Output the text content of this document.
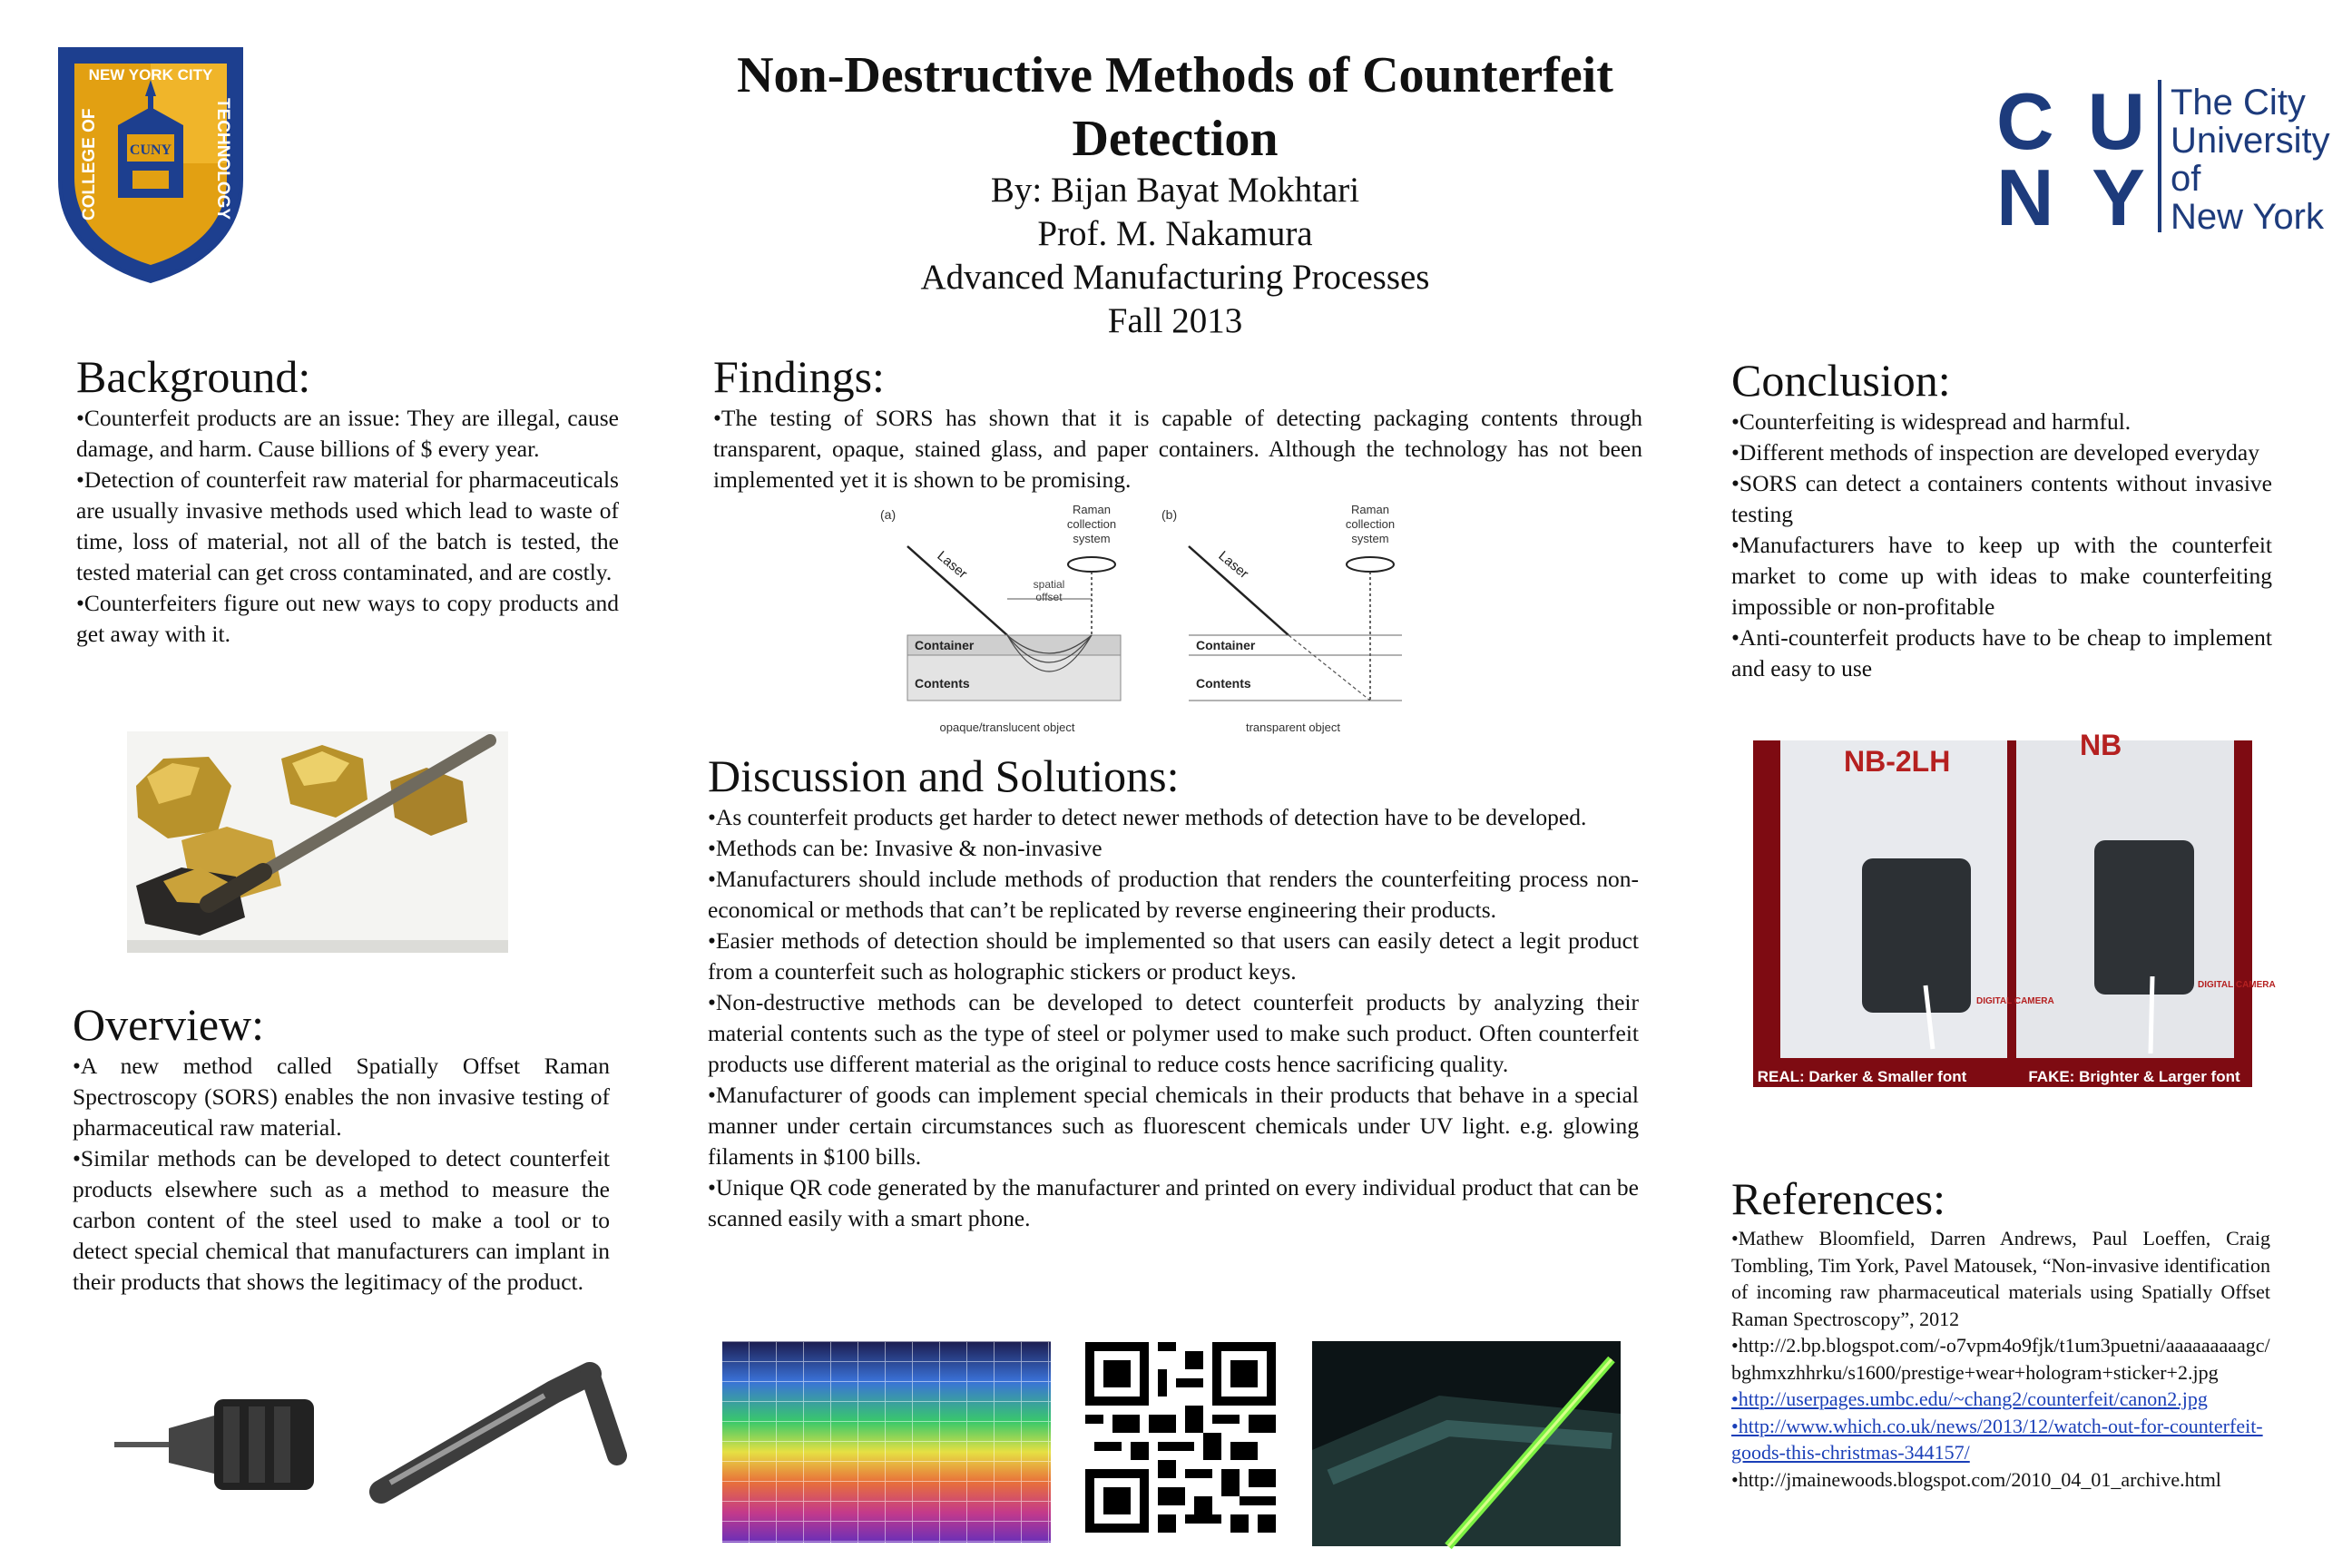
NEW YORK CITY
CUNY
COLLEGE OF	TECHNOLOGY	CU
NY
The City
University
of
New York
Non-Destructive Methods of Counterfeit Detection
By: Bijan Bayat Mokhtari
Prof. M. Nakamura
Advanced Manufacturing Processes
Fall 2013
Background:

•Counterfeit products are an issue: They are illegal, cause damage, and harm. Cause billions of $ every year.

•Detection of counterfeit raw material for pharmaceuticals are usually invasive methods used which lead to waste of time, loss of material, not all of the batch is tested, the tested material can get cross contaminated, and are costly.

•Counterfeiters figure out new ways to copy products and get away with it.

Overview:

•A new method called Spatially Offset Raman Spectroscopy (SORS) enables the non invasive testing of pharmaceutical raw material.

•Similar methods can be developed to detect counterfeit products elsewhere such as a method to measure the carbon content of the steel used to make a tool or to detect special chemical that manufacturers can implant in their products that shows the legitimacy of the product.

Findings:

•The testing of SORS has shown that it is capable of detecting packaging contents through transparent, opaque, stained glass, and paper containers. Although the technology has not been implemented yet it is shown to be promising.

(a)	Raman
collection
system
Laser
spatial
offset
Container
Contents
opaque/translucent object
(b)	Raman
collection
system
Laser
Container
Contents
transparent object
Discussion and Solutions:

•As counterfeit products get harder to detect newer methods of detection have to be developed.

•Methods can be: Invasive & non-invasive

•Manufacturers should include methods of production that renders the counterfeiting process non-economical or methods that can’t be replicated by reverse engineering their products.

•Easier methods of detection should be implemented so that users can easily detect a legit product from a counterfeit such as holographic stickers or product keys.

•Non-destructive methods can be developed to detect counterfeit products by analyzing their material contents such as the type of steel or polymer used to make such product. Often counterfeit products use different material as the original to reduce costs hence sacrificing quality.

•Manufacturer of goods can implement special chemicals in their products that behave in a special manner under certain circumstances such as fluorescent chemicals under UV light. e.g. glowing filaments in $100 bills.

•Unique QR code generated by the manufacturer and printed on every individual product that can be scanned easily with a smart phone.

Conclusion:

•Counterfeiting is widespread and harmful.

•Different methods of inspection are developed everyday

•SORS can detect a containers contents without invasive testing

•Manufacturers have to keep up with the counterfeit market to come up with ideas to make counterfeiting impossible or non-profitable

•Anti-counterfeit products have to be cheap to implement and easy to use

NB-2LH	NB
DIGITAL CAMERA
DIGITAL CAMERA
REAL: Darker & Smaller font	FAKE: Brighter & Larger font
References:

•Mathew Bloomfield, Darren Andrews, Paul Loeffen, Craig Tombling, Tim York, Pavel Matousek, “Non-invasive identification of incoming raw pharmaceutical materials using Spatially Offset Raman Spectroscopy”, 2012

•http://2.bp.blogspot.com/-o7vpm4o9fjk/t1um3puetni/aaaaaaaaagc/bghmxzhhrku/s1600/prestige+wear+hologram+sticker+2.jpg

•http://userpages.umbc.edu/~chang2/counterfeit/canon2.jpg

•http://www.which.co.uk/news/2013/12/watch-out-for-counterfeit-goods-this-christmas-344157/

•http://jmainewoods.blogspot.com/2010_04_01_archive.html
